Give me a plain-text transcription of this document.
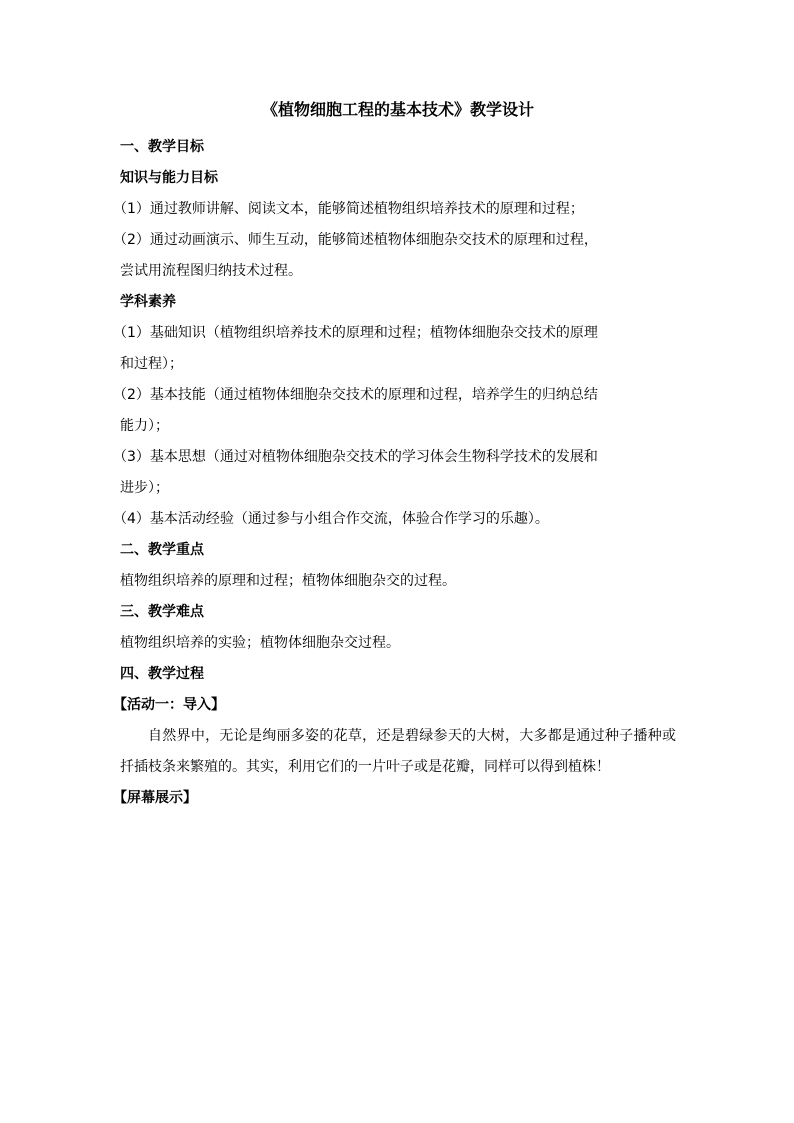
《植物细胞工程的基本技术》教学设计

一、教学目标

知识与能力目标

（1）通过教师讲解、阅读文本，能够简述植物组织培养技术的原理和过程；

（2）通过动画演示、师生互动，能够简述植物体细胞杂交技术的原理和过程，

尝试用流程图归纳技术过程。

学科素养

（1）基础知识（植物组织培养技术的原理和过程；植物体细胞杂交技术的原理

和过程）；

（2）基本技能（通过植物体细胞杂交技术的原理和过程，培养学生的归纳总结

能力）；

（3）基本思想（通过对植物体细胞杂交技术的学习体会生物科学技术的发展和

进步）；

（4）基本活动经验（通过参与小组合作交流，体验合作学习的乐趣）。

二、教学重点

植物组织培养的原理和过程；植物体细胞杂交的过程。

三、教学难点

植物组织培养的实验；植物体细胞杂交过程。

四、教学过程

【活动一：导入】

自然界中，无论是绚丽多姿的花草，还是碧绿参天的大树，大多都是通过种子播种或扦插枝条来繁殖的。其实，利用它们的一片叶子或是花瓣，同样可以得到植株！

【屏幕展示】
